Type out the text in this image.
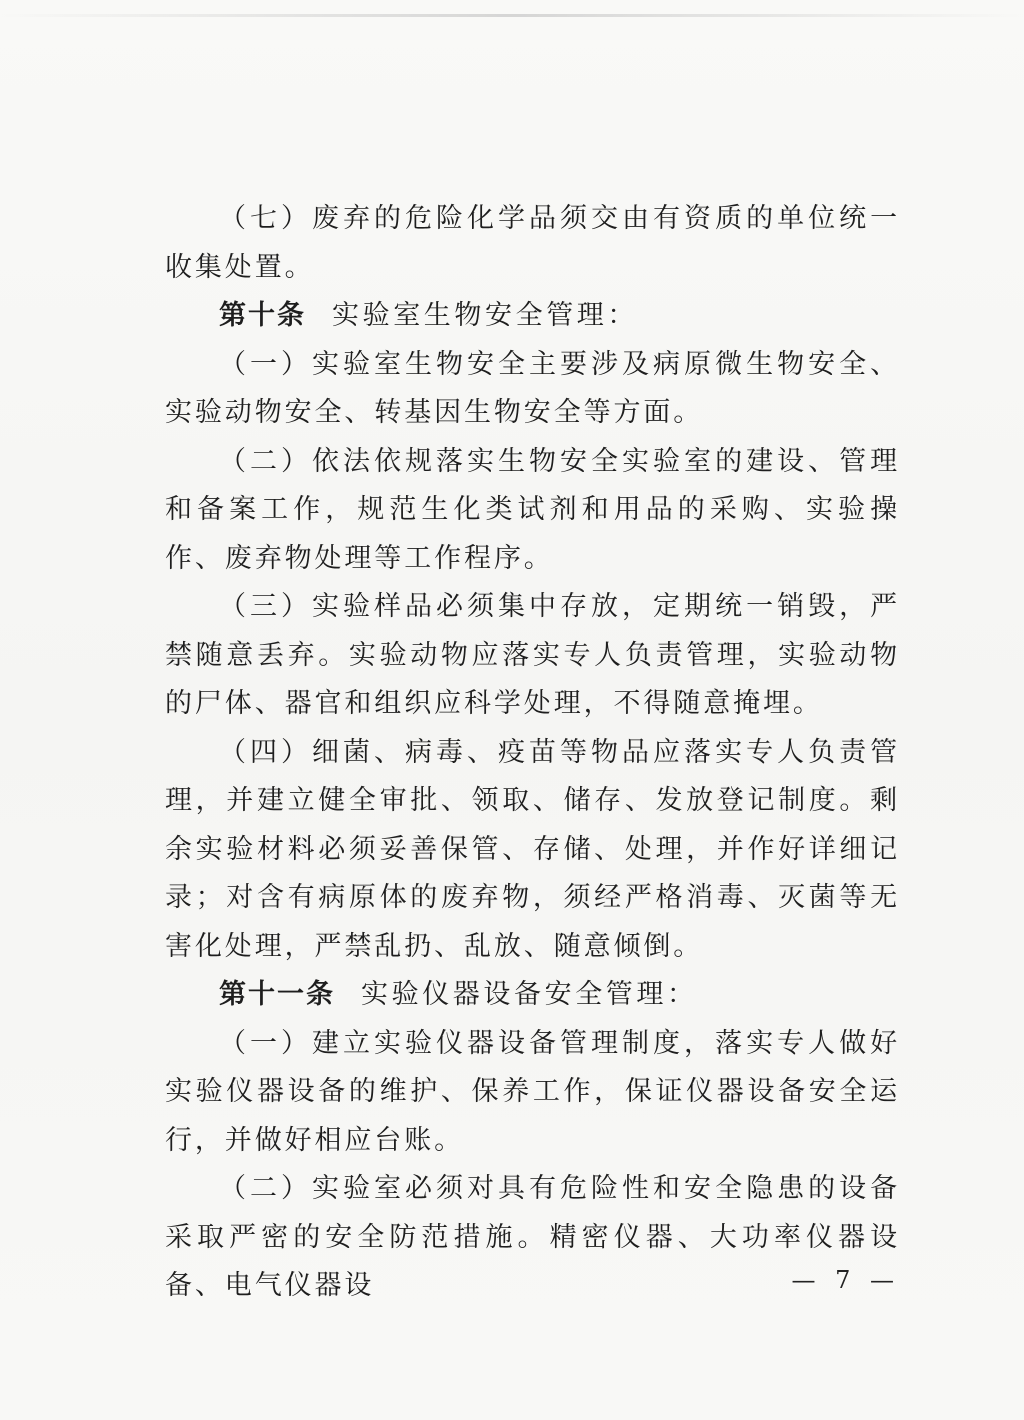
（七）废弃的危险化学品须交由有资质的单位统一收集处置。

第十条 实验室生物安全管理：

（一）实验室生物安全主要涉及病原微生物安全、实验动物安全、转基因生物安全等方面。

（二）依法依规落实生物安全实验室的建设、管理和备案工作，规范生化类试剂和用品的采购、实验操作、废弃物处理等工作程序。

（三）实验样品必须集中存放，定期统一销毁，严禁随意丢弃。实验动物应落实专人负责管理，实验动物的尸体、器官和组织应科学处理，不得随意掩埋。

（四）细菌、病毒、疫苗等物品应落实专人负责管理，并建立健全审批、领取、储存、发放登记制度。剩余实验材料必须妥善保管、存储、处理，并作好详细记录；对含有病原体的废弃物，须经严格消毒、灭菌等无害化处理，严禁乱扔、乱放、随意倾倒。

第十一条 实验仪器设备安全管理：

（一）建立实验仪器设备管理制度，落实专人做好实验仪器设备的维护、保养工作，保证仪器设备安全运行，并做好相应台账。

（二）实验室必须对具有危险性和安全隐患的设备采取严密的安全防范措施。精密仪器、大功率仪器设备、电气仪器设	— 7 —
